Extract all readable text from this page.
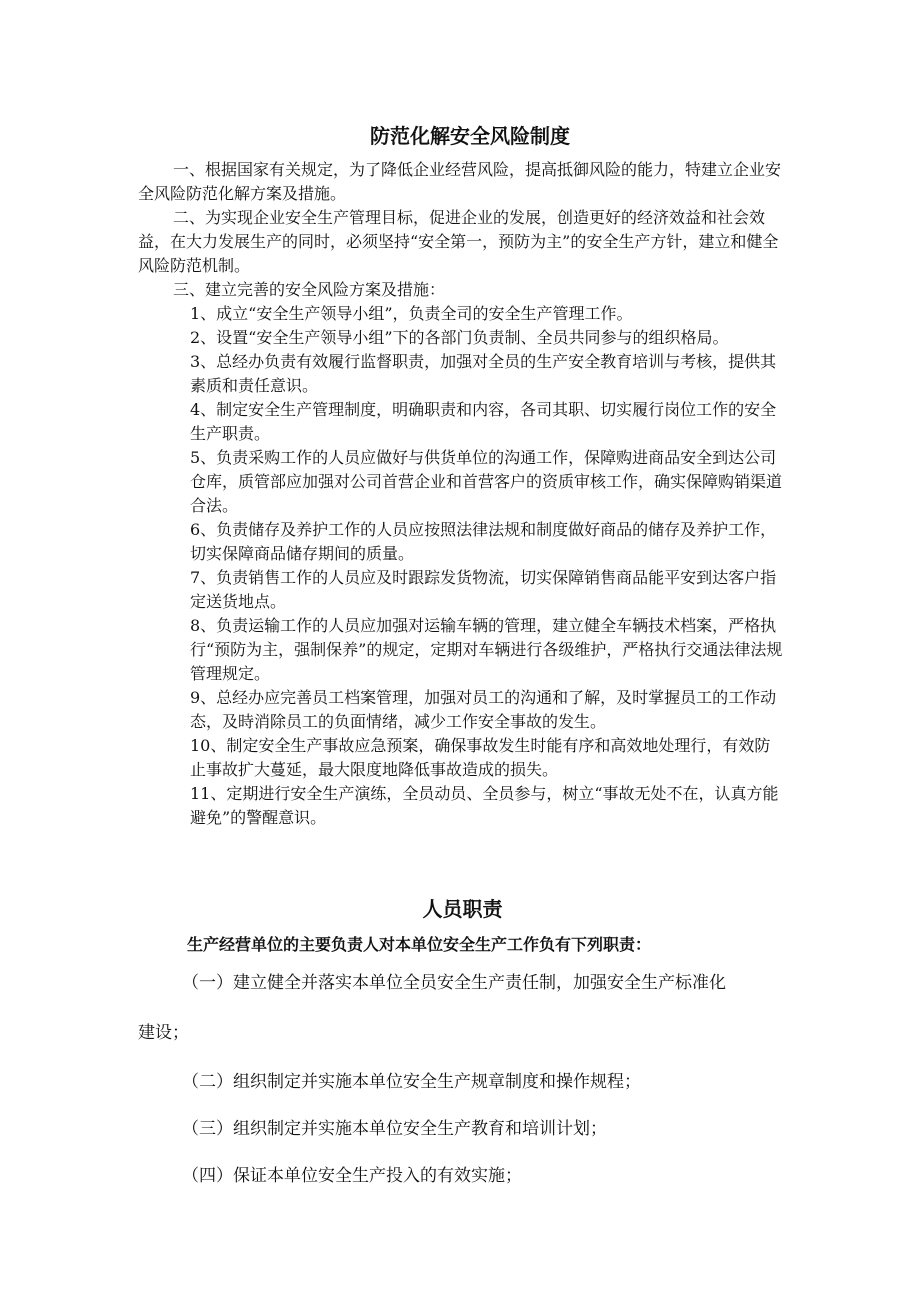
防范化解安全风险制度

一、根据国家有关规定，为了降低企业经营风险，提高抵御风险的能力，特建立企业安全风险防范化解方案及措施。

二、为实现企业安全生产管理目标，促进企业的发展，创造更好的经济效益和社会效益，在大力发展生产的同时，必须坚持“安全第一，预防为主”的安全生产方针，建立和健全风险防范机制。

三、建立完善的安全风险方案及措施：

1、成立“安全生产领导小组”，负责全司的安全生产管理工作。

2、设置“安全生产领导小组”下的各部门负责制、全员共同参与的组织格局。

3、总经办负责有效履行监督职责，加强对全员的生产安全教育培训与考核，提供其素质和责任意识。

4、制定安全生产管理制度，明确职责和内容，各司其职、切实履行岗位工作的安全生产职责。

5、负责采购工作的人员应做好与供货单位的沟通工作，保障购进商品安全到达公司仓库，质管部应加强对公司首营企业和首营客户的资质审核工作，确实保障购销渠道合法。

6、负责储存及养护工作的人员应按照法律法规和制度做好商品的储存及养护工作，切实保障商品储存期间的质量。

7、负责销售工作的人员应及时跟踪发货物流，切实保障销售商品能平安到达客户指定送货地点。

8、负责运输工作的人员应加强对运输车辆的管理，建立健全车辆技术档案，严格执行“预防为主，强制保养”的规定，定期对车辆进行各级维护，严格执行交通法律法规管理规定。

9、总经办应完善员工档案管理，加强对员工的沟通和了解，及时掌握员工的工作动态，及時消除员工的负面情绪，减少工作安全事故的发生。

10、制定安全生产事故应急预案，确保事故发生时能有序和高效地处理行，有效防止事故扩大蔓延，最大限度地降低事故造成的损失。

11、定期进行安全生产演练，全员动员、全员参与，树立“事故无处不在，认真方能避免”的警醒意识。

人员职责
生产经营单位的主要负责人对本单位安全生产工作负有下列职责：
（一）建立健全并落实本单位全员安全生产责任制，加强安全生产标准化
建设；
（二）组织制定并实施本单位安全生产规章制度和操作规程；
（三）组织制定并实施本单位安全生产教育和培训计划；
（四）保证本单位安全生产投入的有效实施；
